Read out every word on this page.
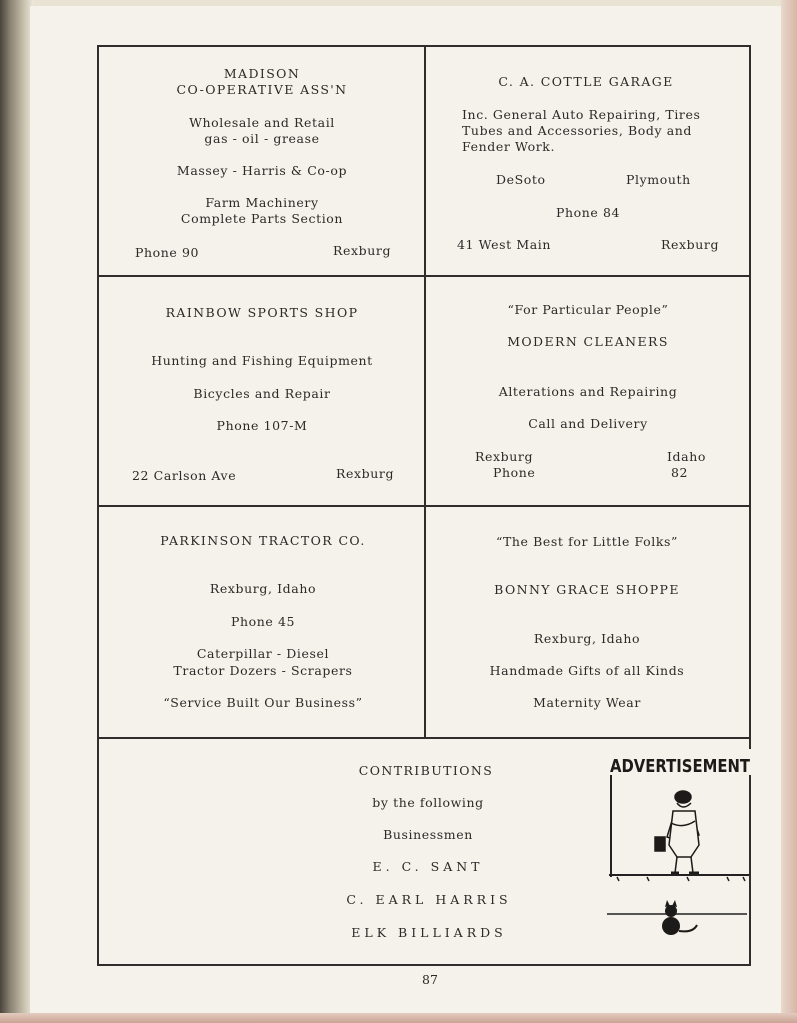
MADISON
CO-OPERATIVE ASS'N
Wholesale and Retail
gas - oil - grease
Massey - Harris & Co-op
Farm Machinery
Complete Parts Section
Phone 90	Rexburg
C. A. COTTLE GARAGE
Inc. General Auto Repairing, Tires
Tubes and Accessories, Body and
Fender Work.
DeSoto	Plymouth
Phone 84
41 West Main	Rexburg
RAINBOW SPORTS SHOP
Hunting and Fishing Equipment
Bicycles and Repair
Phone 107-M
22 Carlson Ave	Rexburg
“For Particular People”
MODERN CLEANERS
Alterations and Repairing
Call and Delivery
Rexburg	Idaho
Phone	82
PARKINSON TRACTOR CO.
Rexburg, Idaho
Phone 45
Caterpillar - Diesel
Tractor Dozers - Scrapers
“Service Built Our Business”
“The Best for Little Folks”
BONNY GRACE SHOPPE
Rexburg, Idaho
Handmade Gifts of all Kinds
Maternity Wear
CONTRIBUTIONS
by the following
Businessmen
E. C. SANT
C. EARL HARRIS
ELK BILLIARDS
ADVERTISEMENT
87
